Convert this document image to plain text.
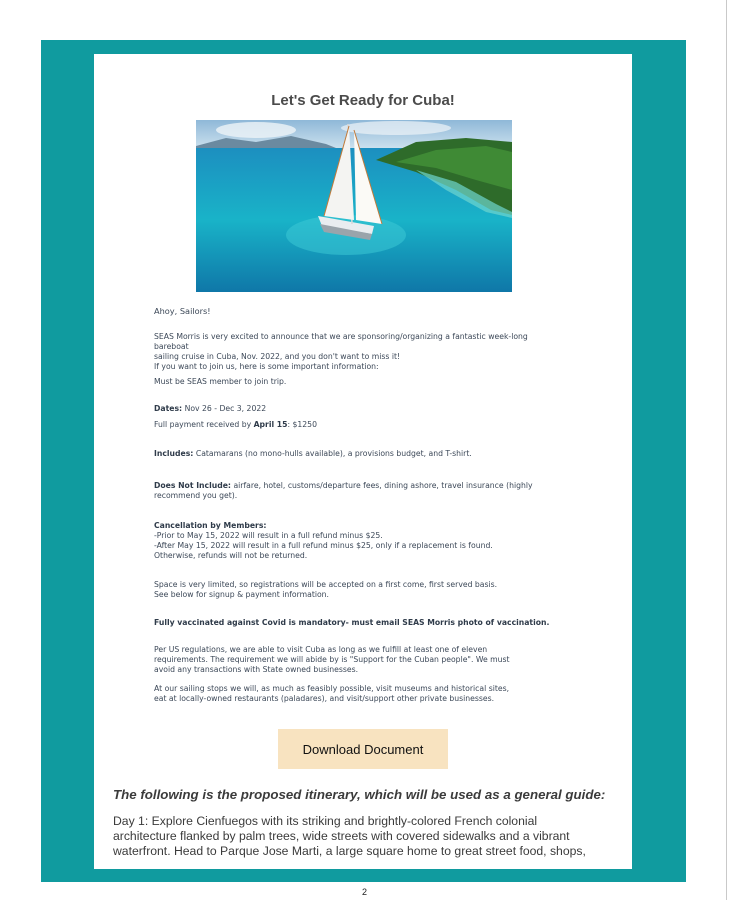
Let's Get Ready for Cuba!
Ahoy, Sailors!
SEAS Morris is very excited to announce that we are sponsoring/organizing a fantastic week-long bareboat
sailing cruise in Cuba, Nov. 2022, and you don't want to miss it!
If you want to join us, here is some important information:
Must be SEAS member to join trip.
Dates: Nov 26 - Dec 3, 2022
Full payment received by April 15: $1250
Includes: Catamarans (no mono-hulls available), a provisions budget, and T-shirt.
Does Not Include: airfare, hotel, customs/departure fees, dining ashore, travel insurance (highly
recommend you get).
Cancellation by Members:
-Prior to May 15, 2022 will result in a full refund minus $25.
-After May 15, 2022 will result in a full refund minus $25, only if a replacement is found.
Otherwise, refunds will not be returned.
Space is very limited, so registrations will be accepted on a first come, first served basis.
See below for signup & payment information.
Fully vaccinated against Covid is mandatory- must email SEAS Morris photo of vaccination.
Per US regulations, we are able to visit Cuba as long as we fulfill at least one of eleven
requirements. The requirement we will abide by is "Support for the Cuban people". We must
avoid any transactions with State owned businesses.
At our sailing stops we will, as much as feasibly possible, visit museums and historical sites,
eat at locally-owned restaurants (paladares), and visit/support other private businesses.
Download Document
The following is the proposed itinerary, which will be used as a general guide:
Day 1: Explore Cienfuegos with its striking and brightly-colored French colonial
architecture flanked by palm trees, wide streets with covered sidewalks and a vibrant
waterfront. Head to Parque Jose Marti, a large square home to great street food, shops,
2
